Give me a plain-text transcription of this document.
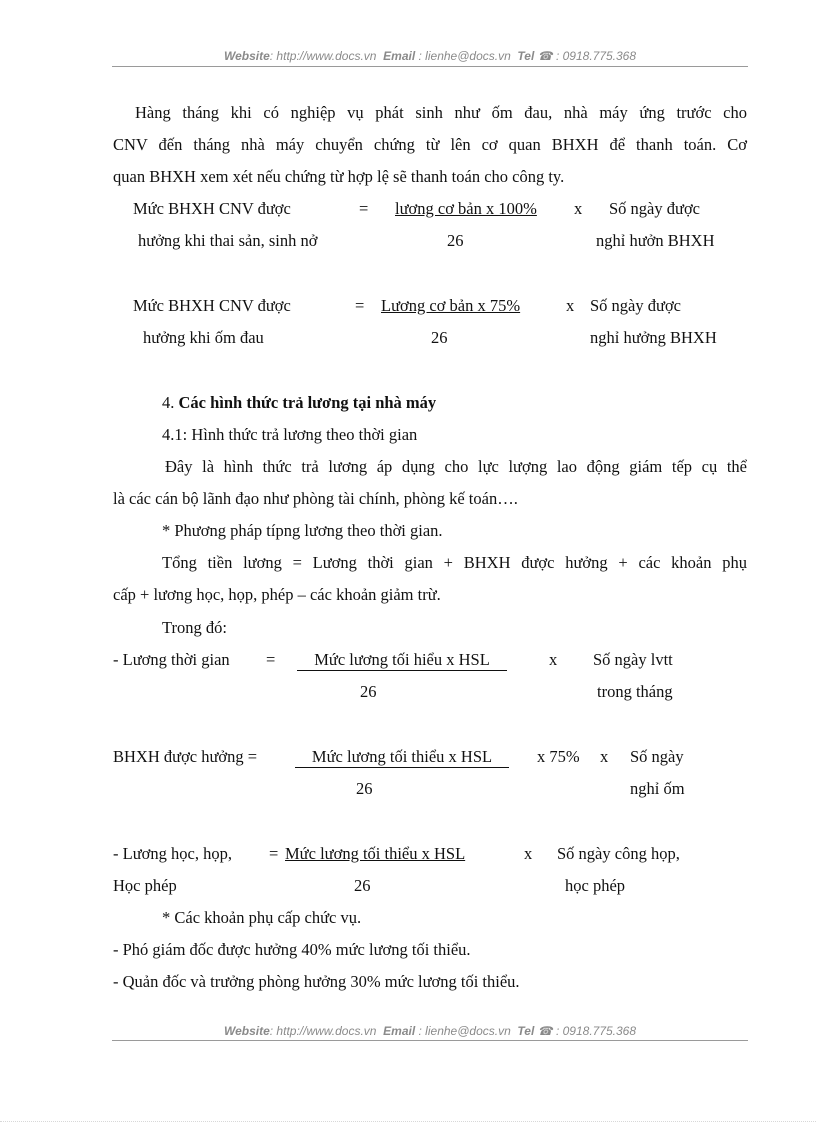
Website: http://www.docs.vn Email : lienhe@docs.vn Tel ☎ : 0918.775.368
Hàng tháng khi có nghiệp vụ phát sinh như ốm đau, nhà máy ứng trước cho
CNV đến tháng nhà máy chuyển chứng từ lên cơ quan BHXH để thanh toán. Cơ
quan BHXH xem xét nếu chứng từ hợp lệ sẽ thanh toán cho công ty.
Mức BHXH CNV được	= lương cơ bản x 100% x Số ngày được
hưởng khi thai sản, sinh nở	26	nghỉ hưởn BHXH
Mức BHXH CNV được	= Lương cơ bản x 75%	x Số ngày được
hưởng khi ốm đau	26	nghỉ hưởng BHXH
4. Các hình thức trả lương tại nhà máy
4.1: Hình thức trả lương theo thời gian
Đây là hình thức trả lương áp dụng cho lực lượng lao động giám tếp cụ thể
là các cán bộ lãnh đạo như phòng tài chính, phòng kế toán….
* Phương pháp típng lương theo thời gian.
Tổng tiền lương = Lương thời gian + BHXH được hưởng + các khoản phụ
cấp + lương học, họp, phép – các khoản giảm trừ.
Trong đó:
- Lương thời gian =	Mức lương tối hiểu x HSL	x Số ngày lvtt
26	trong tháng
BHXH được hưởng =	Mức lương tối thiểu x HSL	x 75% x Số ngày
26	nghỉ ốm
- Lương học, họp, = Mức lương tối thiểu x HSL	x Số ngày công họp,
Học phép	26	học phép
* Các khoản phụ cấp chức vụ.
- Phó giám đốc được hưởng 40% mức lương tối thiểu.
- Quản đốc và trưởng phòng hưởng 30% mức lương tối thiểu.
Website: http://www.docs.vn Email : lienhe@docs.vn Tel ☎ : 0918.775.368
